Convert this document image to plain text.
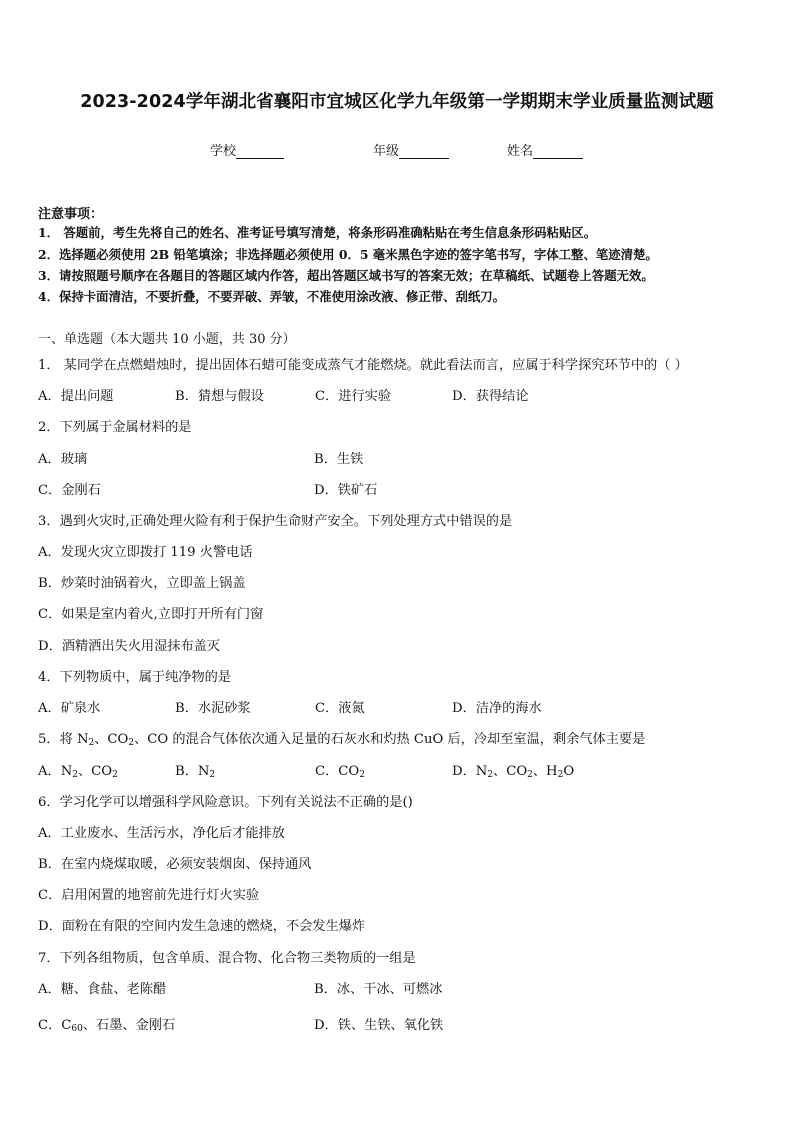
2023-2024学年湖北省襄阳市宜城区化学九年级第一学期期末学业质量监测试题
学校	年级	姓名
注意事项：
1． 答题前，考生先将自己的姓名、准考证号填写清楚，将条形码准确粘贴在考生信息条形码粘贴区。
2．选择题必须使用 2B 铅笔填涂；非选择题必须使用 0．5 毫米黑色字迹的签字笔书写，字体工整、笔迹清楚。
3．请按照题号顺序在各题目的答题区域内作答，超出答题区域书写的答案无效；在草稿纸、试题卷上答题无效。
4．保持卡面清洁，不要折叠，不要弄破、弄皱，不准使用涂改液、修正带、刮纸刀。
一、单选题（本大题共 10 小题，共 30 分）
1． 某同学在点燃蜡烛时，提出固体石蜡可能变成蒸气才能燃烧。就此看法而言，应属于科学探究环节中的（ ）
A．提出问题	B．猜想与假设	C．进行实验	D．获得结论
2．下列属于金属材料的是
A．玻璃	B．生铁
C．金刚石	D．铁矿石
3．遇到火灾时,正确处理火险有利于保护生命财产安全。下列处理方式中错误的是
A．发现火灾立即拨打 119 火警电话
B．炒菜时油锅着火，立即盖上锅盖
C．如果是室内着火,立即打开所有门窗
D．酒精洒出失火用湿抹布盖灭
4．下列物质中，属于纯净物的是
A．矿泉水	B．水泥砂浆	C．液氮	D．洁净的海水
5．将 $N_2$、$CO_2$、CO 的混合气体依次通入足量的石灰水和灼热 CuO 后，冷却至室温，剩余气体主要是
A．$N_2$、$CO_2$	B．$N_2$	C．$CO_2$	D．$N_2$、$CO_2$、$H_2O$
6．学习化学可以增强科学风险意识。下列有关说法不正确的是()
A．工业废水、生活污水，净化后才能排放
B．在室内烧煤取暖，必须安装烟囱、保持通风
C．启用闲置的地窖前先进行灯火实验
D．面粉在有限的空间内发生急速的燃烧，不会发生爆炸
7．下列各组物质，包含单质、混合物、化合物三类物质的一组是
A．糖、食盐、老陈醋	B．冰、干冰、可燃冰
C．$C_{60}$、石墨、金刚石	D．铁、生铁、氧化铁
